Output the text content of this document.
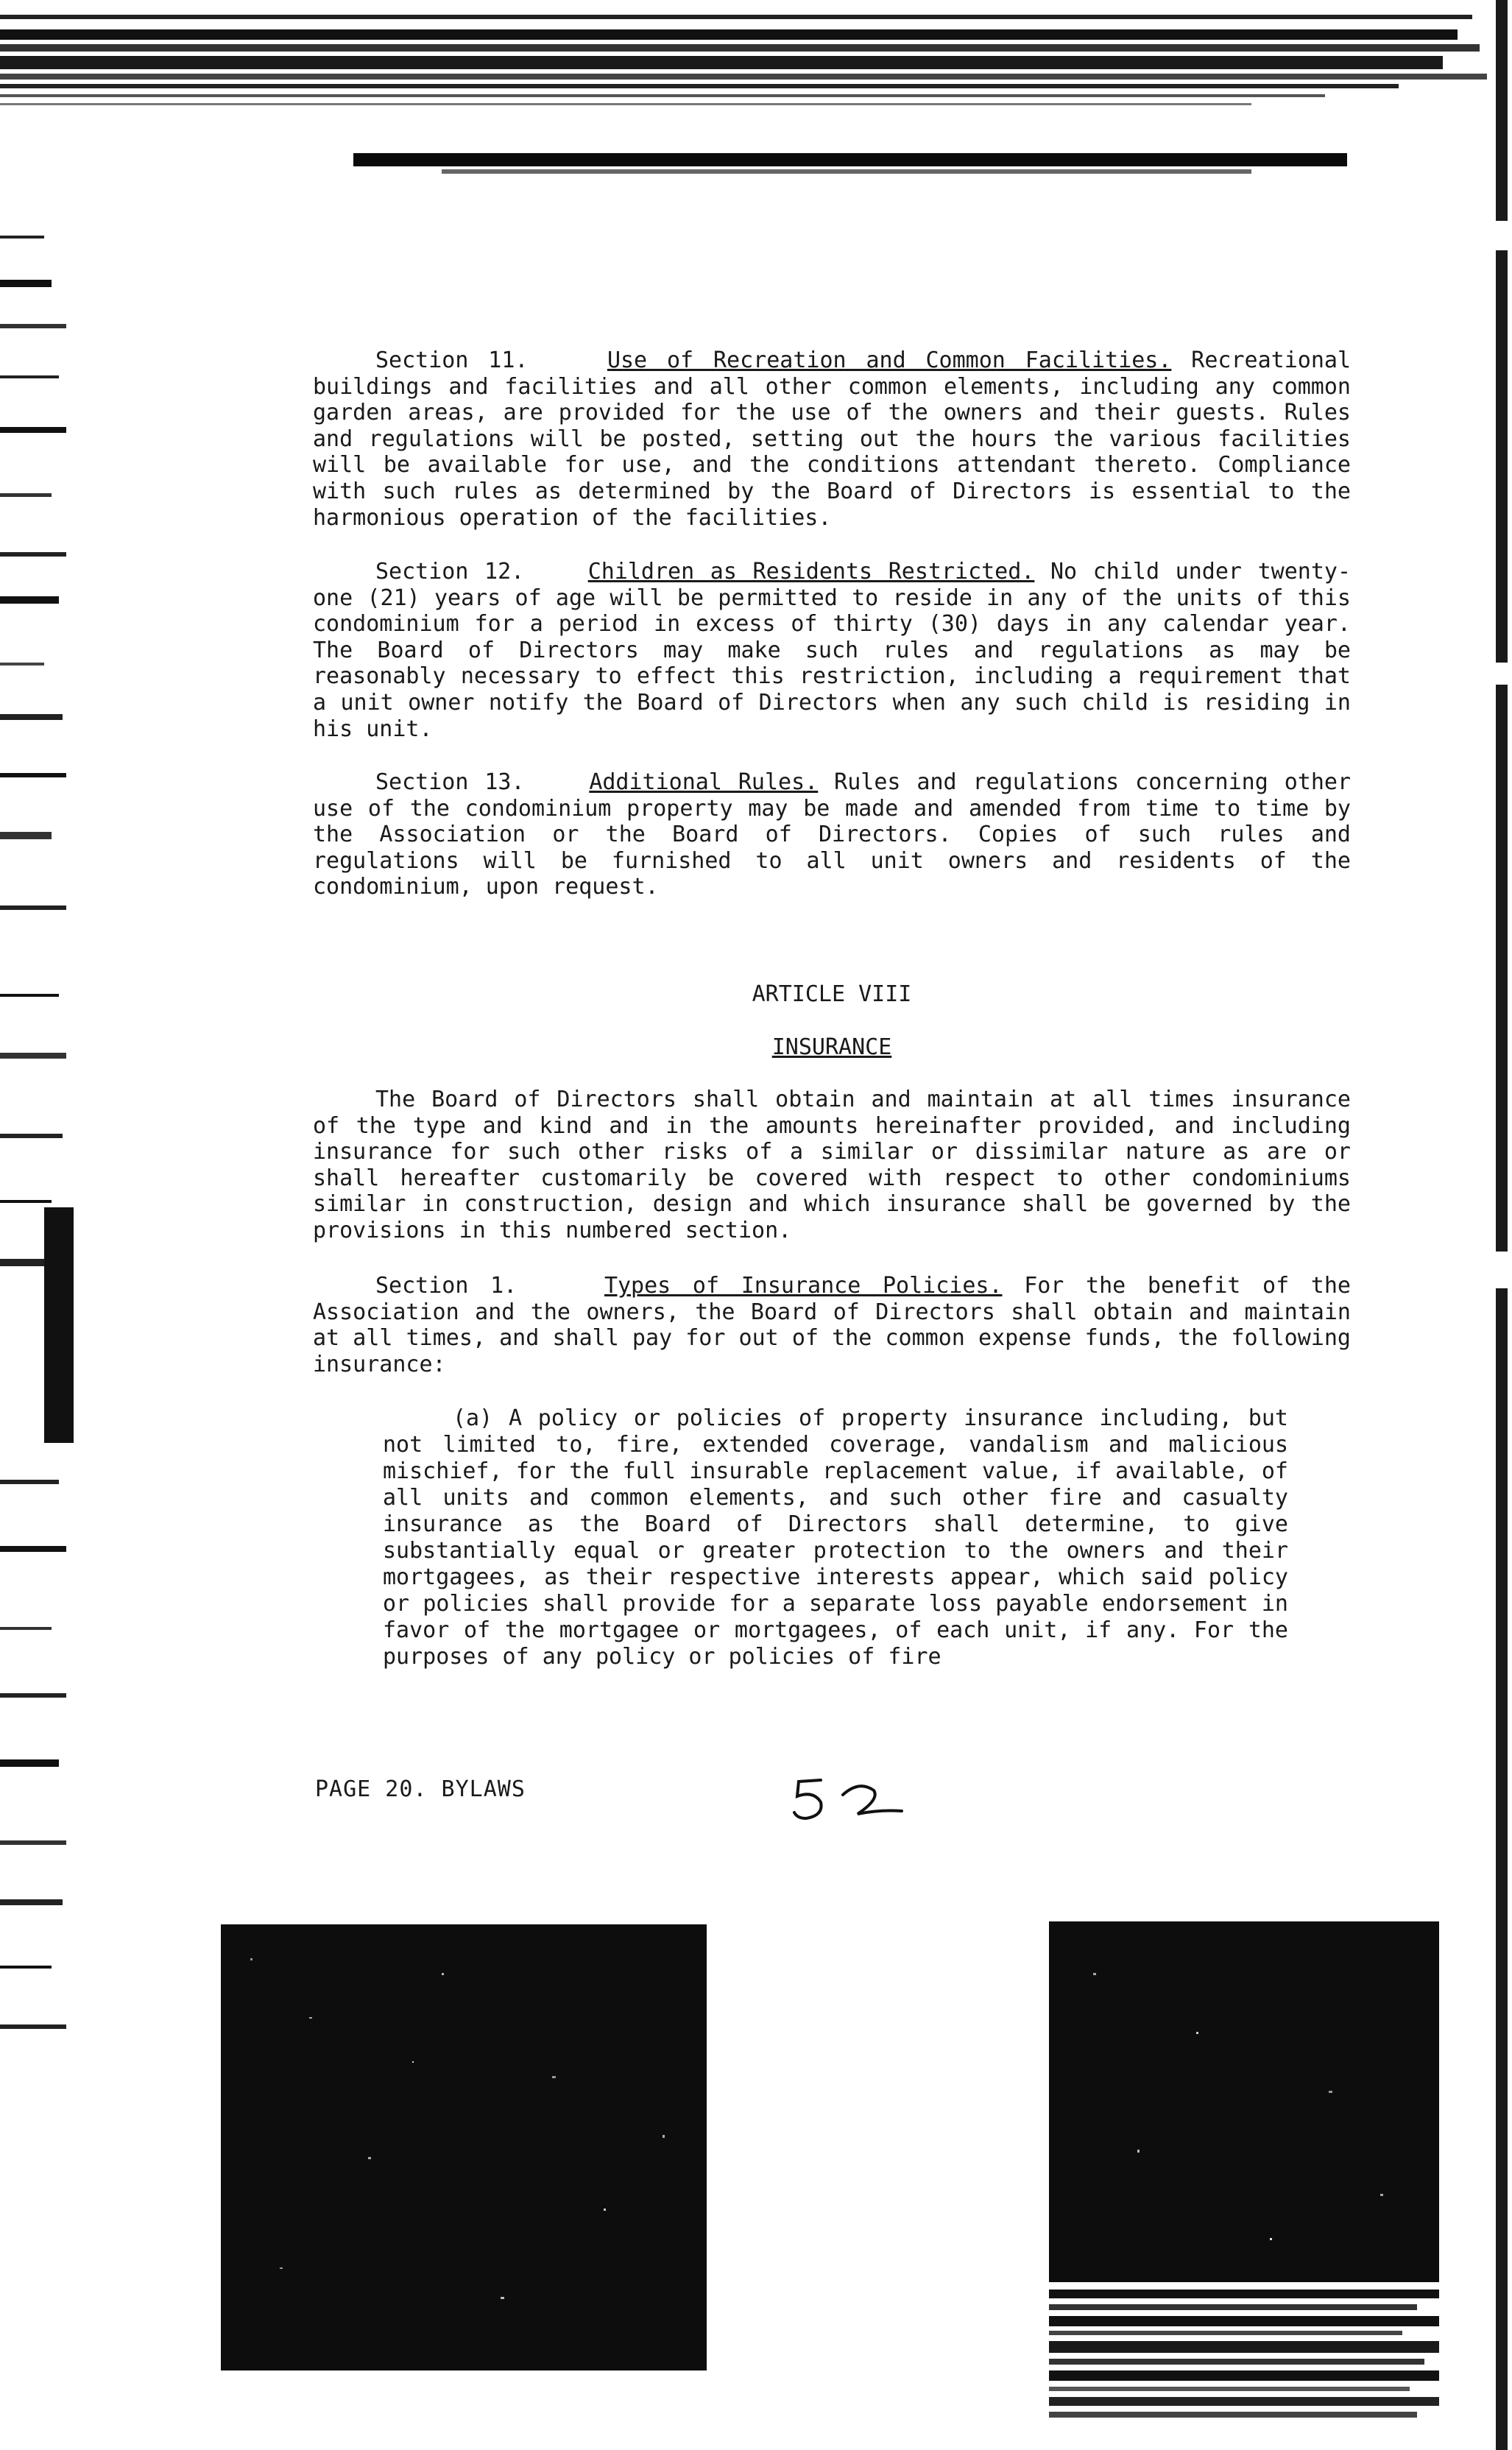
Section 11.	Use of Recreation and Common Facilities. Recreational buildings and facilities and all other common elements, including any common garden areas, are provided for the use of the owners and their guests. Rules and regulations will be posted, setting out the hours the various facilities will be available for use, and the conditions attendant thereto. Compliance with such rules as determined by the Board of Directors is essential to the harmonious operation of the facilities.

Section 12.	Children as Residents Restricted. No child under twenty-one (21) years of age will be permitted to reside in any of the units of this condominium for a period in excess of thirty (30) days in any calendar year. The Board of Directors may make such rules and regulations as may be reasonably necessary to effect this restriction, including a requirement that a unit owner notify the Board of Directors when any such child is residing in his unit.

Section 13.	Additional Rules. Rules and regulations concerning other use of the condominium property may be made and amended from time to time by the Association or the Board of Directors. Copies of such rules and regulations will be furnished to all unit owners and residents of the condominium, upon request.

ARTICLE VIII
INSURANCE

The Board of Directors shall obtain and maintain at all times insurance of the type and kind and in the amounts hereinafter provided, and including insurance for such other risks of a similar or dissimilar nature as are or shall hereafter customarily be covered with respect to other condominiums similar in construction, design and which insurance shall be governed by the provisions in this numbered section.

Section 1.	Types of Insurance Policies. For the benefit of the Association and the owners, the Board of Directors shall obtain and maintain at all times, and shall pay for out of the common expense funds, the following insurance:

(a) A policy or policies of property insurance including, but not limited to, fire, extended coverage, vandalism and malicious mischief, for the full insurable replacement value, if available, of all units and common elements, and such other fire and casualty insurance as the Board of Directors shall determine, to give substantially equal or greater protection to the owners and their mortgagees, as their respective interests appear, which said policy or policies shall provide for a separate loss payable endorsement in favor of the mortgagee or mortgagees, of each unit, if any. For the purposes of any policy or policies of fire
PAGE 20. BYLAWS
